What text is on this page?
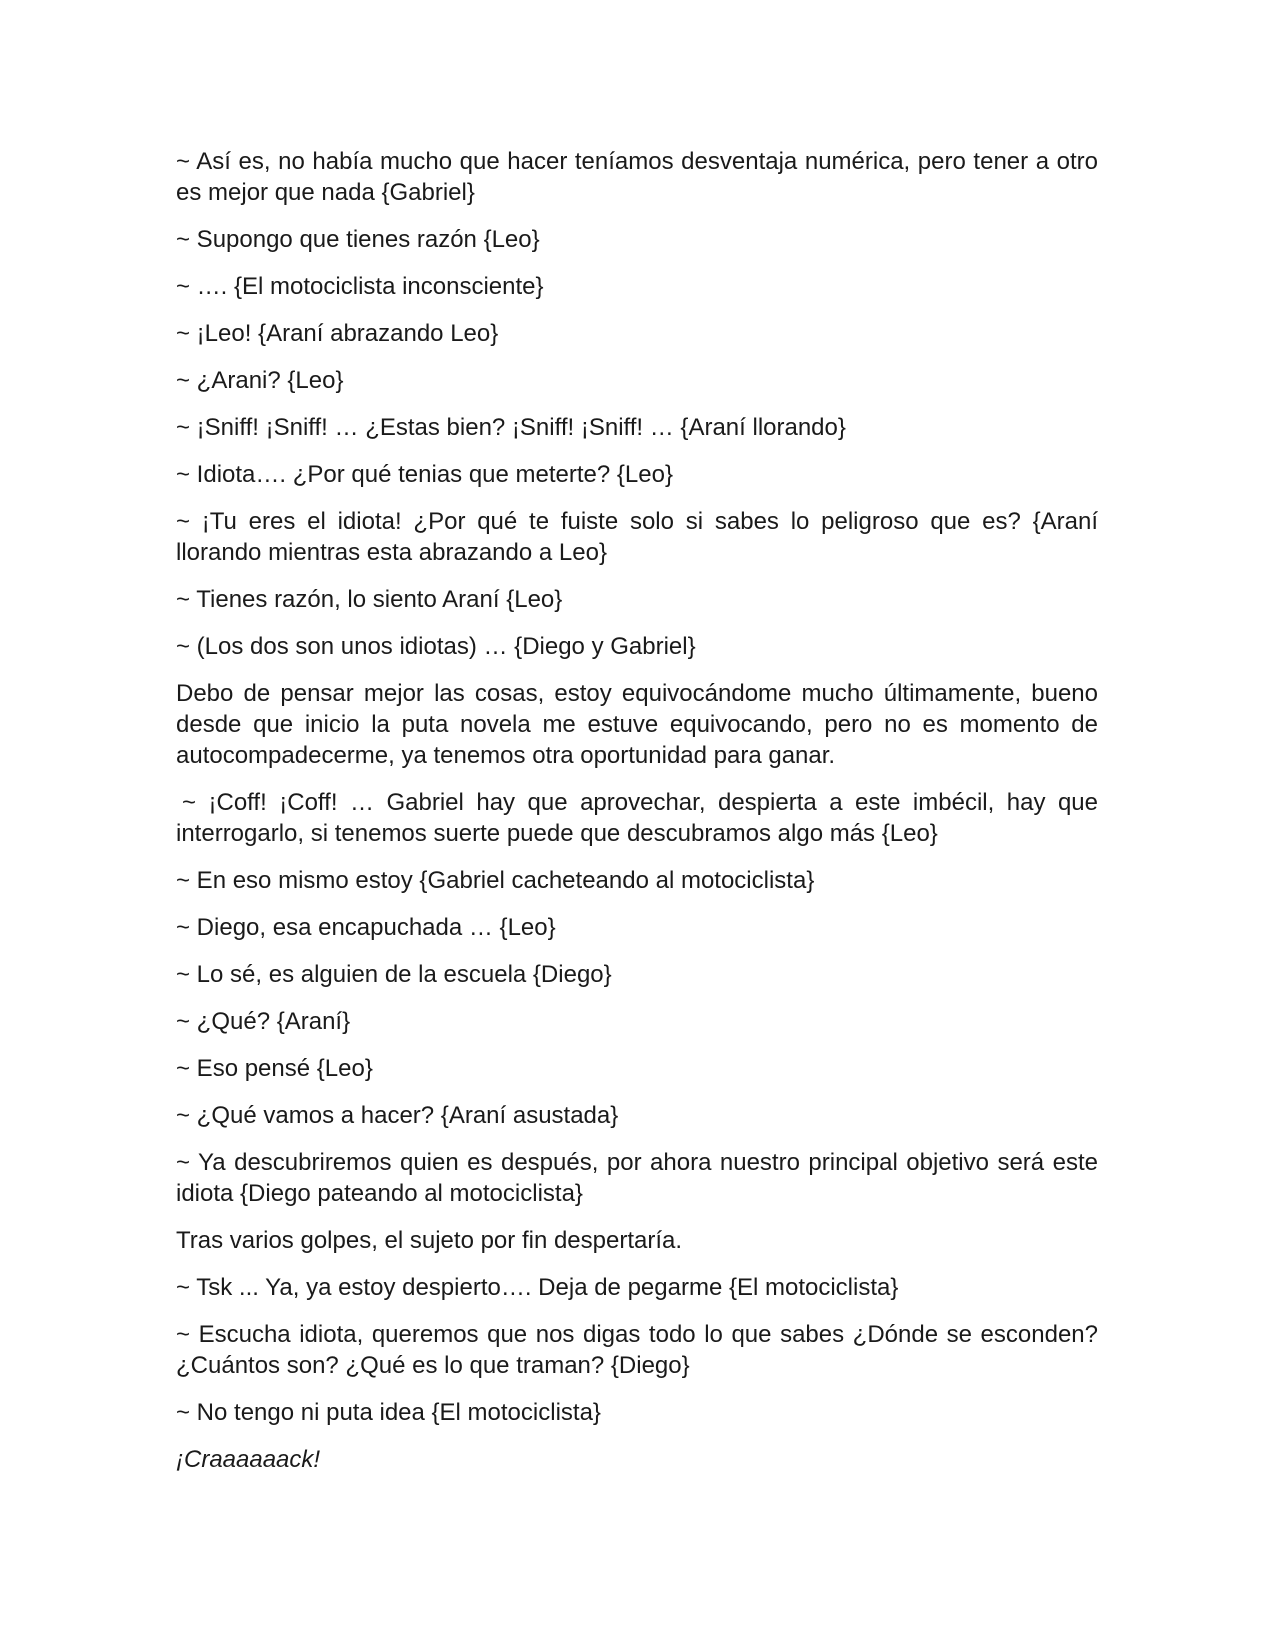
~ Así es, no había mucho que hacer teníamos desventaja numérica, pero tener a otro es mejor que nada {Gabriel}

~ Supongo que tienes razón {Leo}

~ …. {El motociclista inconsciente}

~ ¡Leo! {Araní abrazando Leo}

~ ¿Arani? {Leo}

~ ¡Sniff! ¡Sniff! … ¿Estas bien? ¡Sniff! ¡Sniff! … {Araní llorando}

~ Idiota…. ¿Por qué tenias que meterte? {Leo}

~ ¡Tu eres el idiota! ¿Por qué te fuiste solo si sabes lo peligroso que es? {Araní llorando mientras esta abrazando a Leo}

~ Tienes razón, lo siento Araní {Leo}

~ (Los dos son unos idiotas) … {Diego y Gabriel}

Debo de pensar mejor las cosas, estoy equivocándome mucho últimamente, bueno desde que inicio la puta novela me estuve equivocando, pero no es momento de autocompadecerme, ya tenemos otra oportunidad para ganar.

~ ¡Coff! ¡Coff! … Gabriel hay que aprovechar, despierta a este imbécil, hay que interrogarlo, si tenemos suerte puede que descubramos algo más {Leo}

~ En eso mismo estoy {Gabriel cacheteando al motociclista}

~ Diego, esa encapuchada … {Leo}

~ Lo sé, es alguien de la escuela {Diego}

~ ¿Qué? {Araní}

~ Eso pensé {Leo}

~ ¿Qué vamos a hacer? {Araní asustada}

~ Ya descubriremos quien es después, por ahora nuestro principal objetivo será este idiota {Diego pateando al motociclista}

Tras varios golpes, el sujeto por fin despertaría.

~ Tsk ... Ya, ya estoy despierto…. Deja de pegarme {El motociclista}

~ Escucha idiota, queremos que nos digas todo lo que sabes ¿Dónde se esconden? ¿Cuántos son? ¿Qué es lo que traman? {Diego}

~ No tengo ni puta idea {El motociclista}

¡Craaaaaack!
